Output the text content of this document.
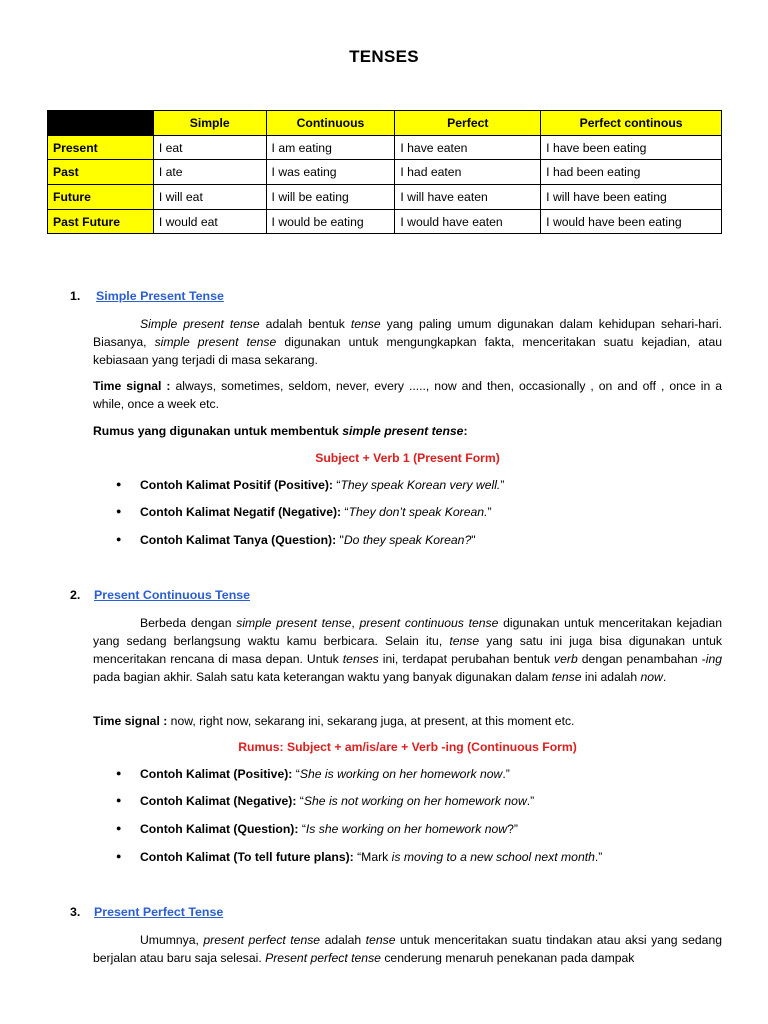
TENSES
	Simple	Continuous	Perfect	Perfect continous
Present	I eat	I am eating	I have eaten	I have been eating
Past	I ate	I was eating	I had eaten	I had been eating
Future	I will eat	I will be eating	I will have eaten	I will have been eating
Past Future	I would eat	I would be eating	I would have eaten	I would have been eating
1. Simple Present Tense
Simple present tense adalah bentuk tense yang paling umum digunakan dalam kehidupan sehari-hari. Biasanya, simple present tense digunakan untuk mengungkapkan fakta, menceritakan suatu kejadian, atau kebiasaan yang terjadi di masa sekarang.
Time signal : always, sometimes, seldom, never, every ....., now and then, occasionally , on and off , once in a while, once a week etc.
Rumus yang digunakan untuk membentuk simple present tense:
Subject + Verb 1 (Present Form)
● Contoh Kalimat Positif (Positive): “They speak Korean very well.”
● Contoh Kalimat Negatif (Negative): “They don’t speak Korean.”
● Contoh Kalimat Tanya (Question): "Do they speak Korean?"
2. Present Continuous Tense
Berbeda dengan simple present tense, present continuous tense digunakan untuk menceritakan kejadian yang sedang berlangsung waktu kamu berbicara. Selain itu, tense yang satu ini juga bisa digunakan untuk menceritakan rencana di masa depan. Untuk tenses ini, terdapat perubahan bentuk verb dengan penambahan -ing pada bagian akhir. Salah satu kata keterangan waktu yang banyak digunakan dalam tense ini adalah now.
Time signal : now, right now, sekarang ini, sekarang juga, at present, at this moment etc.
Rumus: Subject + am/is/are + Verb -ing (Continuous Form)
● Contoh Kalimat (Positive): “She is working on her homework now.”
● Contoh Kalimat (Negative): “She is not working on her homework now.”
● Contoh Kalimat (Question): “Is she working on her homework now?”
● Contoh Kalimat (To tell future plans): “Mark is moving to a new school next month.”
3. Present Perfect Tense
Umumnya, present perfect tense adalah tense untuk menceritakan suatu tindakan atau aksi yang sedang berjalan atau baru saja selesai. Present perfect tense cenderung menaruh penekanan pada dampak
